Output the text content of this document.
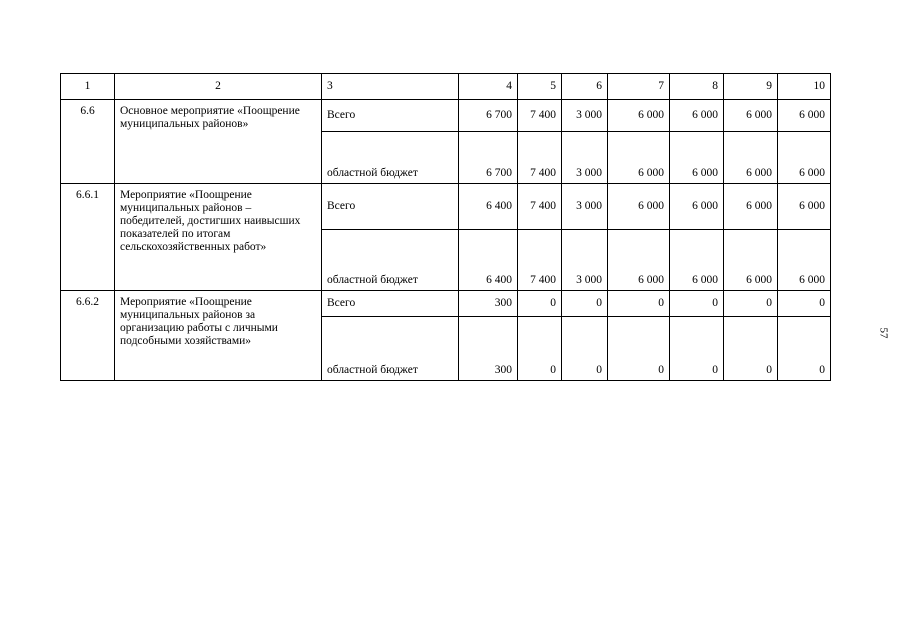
1	2	3	4	5	6	7	8	9	10
6.6	Основное мероприятие «Поощрение муниципальных районов»	Всего	6 700	7 400	3 000	6 000	6 000	6 000	6 000
		областной бюджет	6 700	7 400	3 000	6 000	6 000	6 000	6 000
6.6.1	Мероприятие «Поощрение муниципальных районов – победителей, достигших наивысших показателей по итогам сельскохозяйственных работ»	Всего	6 400	7 400	3 000	6 000	6 000	6 000	6 000
		областной бюджет	6 400	7 400	3 000	6 000	6 000	6 000	6 000
6.6.2	Мероприятие «Поощрение муниципальных районов за организацию работы с личными подсобными хозяйствами»	Всего	300	0	0	0	0	0	0
		областной бюджет	300	0	0	0	0	0	0
57
